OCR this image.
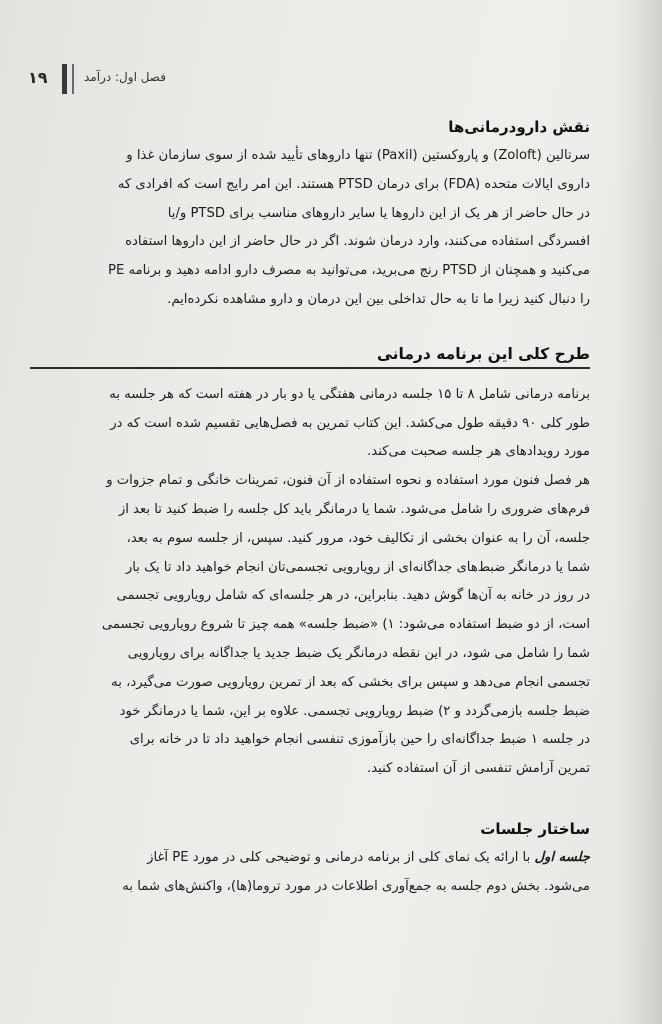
۱۹	فصل اول: درآمد
نقش دارودرمانی‌ها
سرتالین (Zoloft) و پاروکستین (Paxil) تنها داروهای تأیید شده از سوی سازمان غذا و
داروی ایالات متحده (FDA) برای درمان PTSD هستند. این امر رایج است که افرادی که
در حال حاضر از هر یک از این داروها یا سایر داروهای مناسب برای PTSD و/یا
افسردگی استفاده می‌کنند، وارد درمان شوند. اگر در حال حاضر از این داروها استفاده
می‌کنید و همچنان از PTSD رنج می‌برید، می‌توانید به مصرف دارو ادامه دهید و برنامه PE
را دنبال کنید زیرا ما تا به حال تداخلی بین این درمان و دارو مشاهده نکرده‌ایم.
طرح کلی این برنامه درمانی
برنامه درمانی شامل ۸ تا ۱۵ جلسه درمانی هفتگی یا دو بار در هفته است که هر جلسه به
طور کلی ۹۰ دقیقه طول می‌کشد. این کتاب تمرین به فصل‌هایی تقسیم شده است که در
مورد رویدادهای هر جلسه صحبت می‌کند.
هر فصل فنون مورد استفاده و نحوه استفاده از آن فنون، تمرینات خانگی و تمام جزوات و
فرم‌های ضروری را شامل می‌شود. شما یا درمانگر باید کل جلسه را ضبط کنید تا بعد از
جلسه، آن را به عنوان بخشی از تکالیف خود، مرور کنید. سپس، از جلسه سوم به بعد،
شما یا درمانگر ضبط‌های جداگانه‌ای از رویارویی تجسمی‌تان انجام خواهید داد تا یک بار
در روز در خانه به آن‌ها گوش دهید. بنابراین، در هر جلسه‌ای که شامل رویارویی تجسمی
است، از دو ضبط استفاده می‌شود: ۱) «ضبط جلسه» همه چیز تا شروع رویارویی تجسمی
شما را شامل می شود، در این نقطه درمانگر یک ضبط جدید یا جداگانه برای رویارویی
تجسمی انجام می‌دهد و سپس برای بخشی که بعد از تمرین رویارویی صورت می‌گیرد، به
ضبط جلسه بازمی‌گردد و ۲) ضبط رویارویی تجسمی. علاوه بر این، شما یا درمانگر خود
در جلسه ۱ ضبط جداگانه‌ای را حین بازآموزی تنفسی انجام خواهید داد تا در خانه برای
تمرین آرامش تنفسی از آن استفاده کنید.
ساختار جلسات
جلسه اول با ارائه یک نمای کلی از برنامه درمانی و توضیحی کلی در مورد PE آغاز
می‌شود. بخش دوم جلسه به جمع‌آوری اطلاعات در مورد تروما(ها)، واکنش‌های شما به
